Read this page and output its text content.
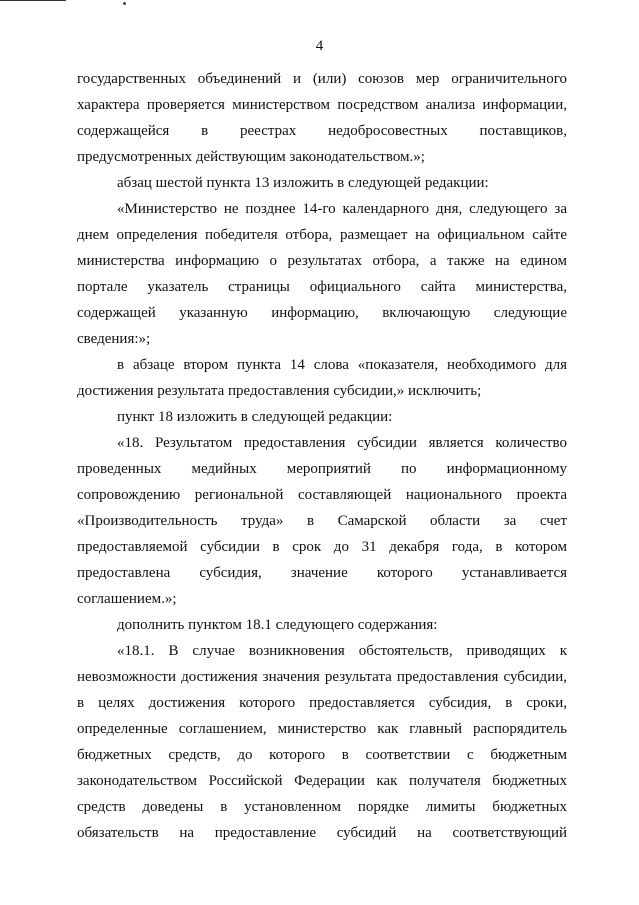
4
государственных объединений и (или) союзов мер ограничительного
характера проверяется министерством посредством анализа информации,
содержащейся в реестрах недобросовестных поставщиков,
предусмотренных действующим законодательством.»;
абзац шестой пункта 13 изложить в следующей редакции:
«Министерство не позднее 14-го календарного дня, следующего за
днем определения победителя отбора, размещает на официальном сайте
министерства информацию о результатах отбора, а также на едином
портале указатель страницы официального сайта министерства,
содержащей указанную информацию, включающую следующие
сведения:»;
в абзаце втором пункта 14 слова «показателя, необходимого для
достижения результата предоставления субсидии,» исключить;
пункт 18 изложить в следующей редакции:
«18. Результатом предоставления субсидии является количество
проведенных медийных мероприятий по информационному
сопровождению региональной составляющей национального проекта
«Производительность труда» в Самарской области за счет
предоставляемой субсидии в срок до 31 декабря года, в котором
предоставлена субсидия, значение которого устанавливается
соглашением.»;
дополнить пунктом 18.1 следующего содержания:
«18.1. В случае возникновения обстоятельств, приводящих к
невозможности достижения значения результата предоставления субсидии,
в целях достижения которого предоставляется субсидия, в сроки,
определенные соглашением, министерство как главный распорядитель
бюджетных средств, до которого в соответствии с бюджетным
законодательством Российской Федерации как получателя бюджетных
средств доведены в установленном порядке лимиты бюджетных
обязательств на предоставление субсидий на соответствующий
